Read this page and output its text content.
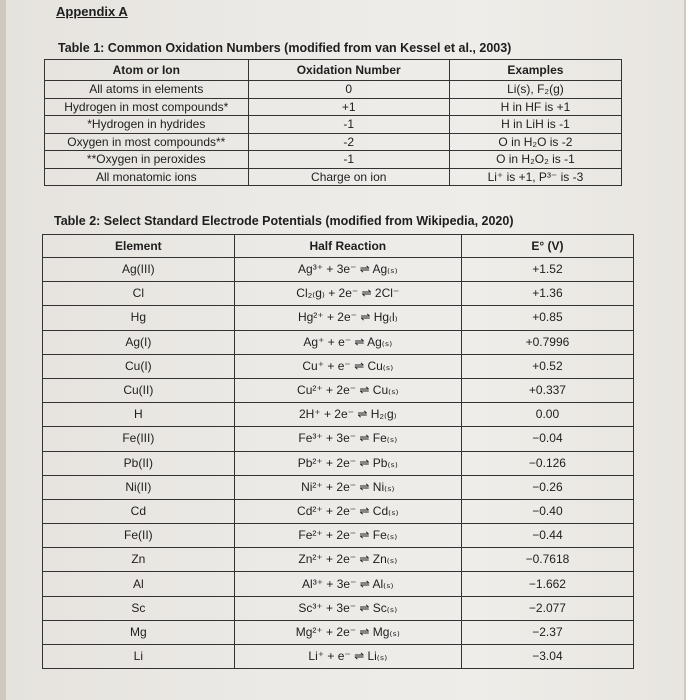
Appendix A
Table 1: Common Oxidation Numbers (modified from van Kessel et al., 2003)
Table 2: Select Standard Electrode Potentials (modified from Wikipedia, 2020)
Atom or Ion	Oxidation Number	Examples
All atoms in elements	0	Li(s), F₂(g)
Hydrogen in most compounds*	+1	H in HF is +1
*Hydrogen in hydrides	-1	H in LiH is -1
Oxygen in most compounds**	-2	O in H₂O is -2
**Oxygen in peroxides	-1	O in H₂O₂ is -1
All monatomic ions	Charge on ion	Li⁺ is +1, P³⁻ is -3
Element	Half Reaction	E° (V)
Ag(III)	Ag³⁺ + 3e⁻ ⇌ Ag₍ₛ₎	+1.52
Cl	Cl₂₍g₎ + 2e⁻ ⇌ 2Cl⁻	+1.36
Hg	Hg²⁺ + 2e⁻ ⇌ Hg₍l₎	+0.85
Ag(I)	Ag⁺ + e⁻ ⇌ Ag₍ₛ₎	+0.7996
Cu(I)	Cu⁺ + e⁻ ⇌ Cu₍ₛ₎	+0.52
Cu(II)	Cu²⁺ + 2e⁻ ⇌ Cu₍ₛ₎	+0.337
H	2H⁺ + 2e⁻ ⇌ H₂₍g₎	0.00
Fe(III)	Fe³⁺ + 3e⁻ ⇌ Fe₍ₛ₎	−0.04
Pb(II)	Pb²⁺ + 2e⁻ ⇌ Pb₍ₛ₎	−0.126
Ni(II)	Ni²⁺ + 2e⁻ ⇌ Ni₍ₛ₎	−0.26
Cd	Cd²⁺ + 2e⁻ ⇌ Cd₍ₛ₎	−0.40
Fe(II)	Fe²⁺ + 2e⁻ ⇌ Fe₍ₛ₎	−0.44
Zn	Zn²⁺ + 2e⁻ ⇌ Zn₍ₛ₎	−0.7618
Al	Al³⁺ + 3e⁻ ⇌ Al₍ₛ₎	−1.662
Sc	Sc³⁺ + 3e⁻ ⇌ Sc₍ₛ₎	−2.077
Mg	Mg²⁺ + 2e⁻ ⇌ Mg₍ₛ₎	−2.37
Li	Li⁺ + e⁻ ⇌ Li₍ₛ₎	−3.04
